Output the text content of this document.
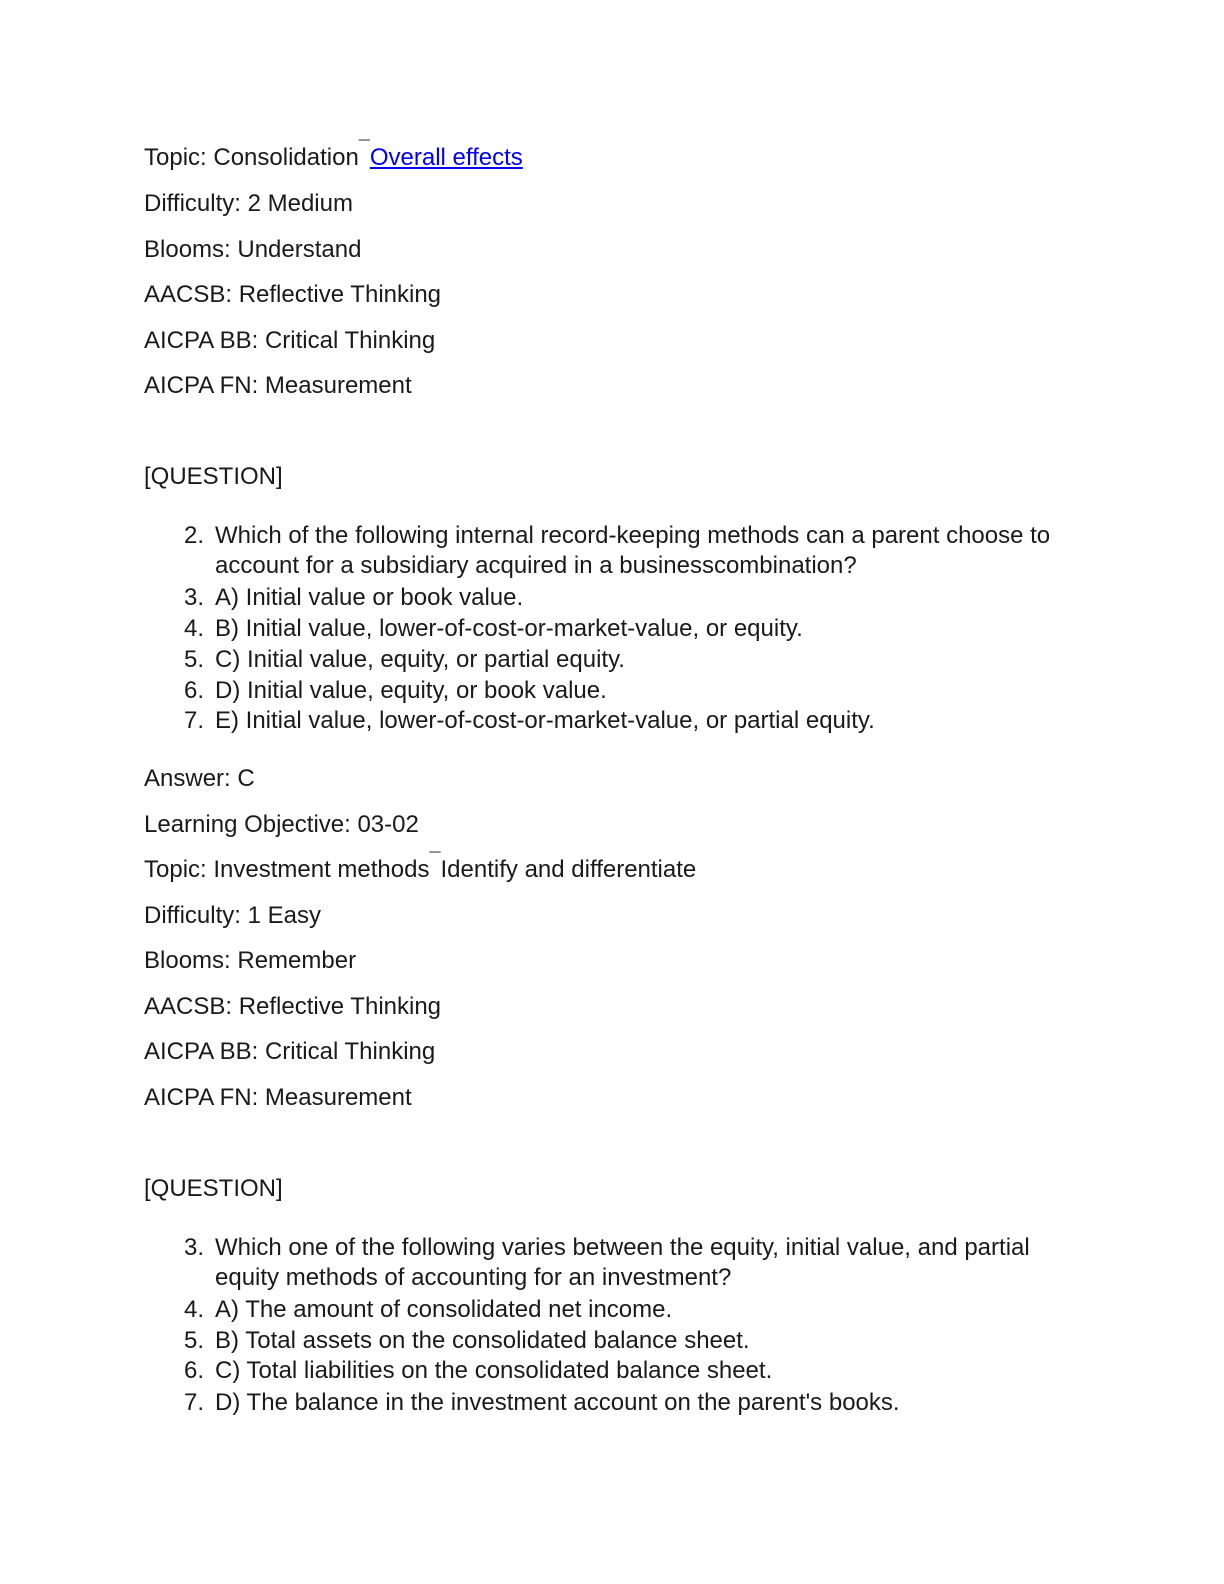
Topic: Consolidation¯Overall effects
Difficulty: 2 Medium
Blooms: Understand
AACSB: Reflective Thinking
AICPA BB: Critical Thinking
AICPA FN: Measurement
[QUESTION]
2. Which of the following internal record-keeping methods can a parent choose to account for a subsidiary acquired in a businesscombination?
3. A) Initial value or book value.
4. B) Initial value, lower-of-cost-or-market-value, or equity.
5. C) Initial value, equity, or partial equity.
6. D) Initial value, equity, or book value.
7. E) Initial value, lower-of-cost-or-market-value, or partial equity.
Answer: C
Learning Objective: 03-02
Topic: Investment methods¯Identify and differentiate
Difficulty: 1 Easy
Blooms: Remember
AACSB: Reflective Thinking
AICPA BB: Critical Thinking
AICPA FN: Measurement
[QUESTION]
3. Which one of the following varies between the equity, initial value, and partial equity methods of accounting for an investment?
4. A) The amount of consolidated net income.
5. B) Total assets on the consolidated balance sheet.
6. C) Total liabilities on the consolidated balance sheet.
7. D) The balance in the investment account on the parent's books.
